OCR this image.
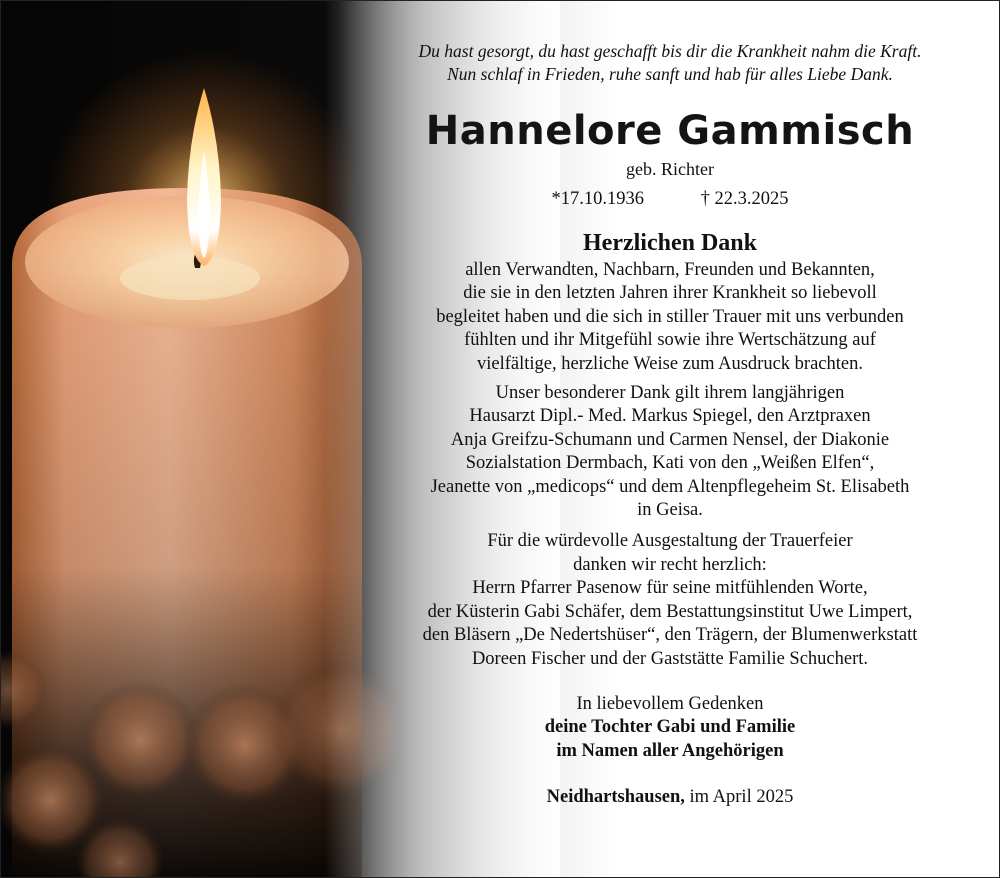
Du hast gesorgt, du hast geschafft bis dir die Krankheit nahm die Kraft.
Nun schlaf in Frieden, ruhe sanft und hab für alles Liebe Dank.
Hannelore Gammisch
geb. Richter
*17.10.1936	† 22.3.2025
Herzlichen Dank
allen Verwandten, Nachbarn, Freunden und Bekannten,
die sie in den letzten Jahren ihrer Krankheit so liebevoll
begleitet haben und die sich in stiller Trauer mit uns verbunden
fühlten und ihr Mitgefühl sowie ihre Wertschätzung auf
vielfältige, herzliche Weise zum Ausdruck brachten.
Unser besonderer Dank gilt ihrem langjährigen
Hausarzt Dipl.- Med. Markus Spiegel, den Arztpraxen
Anja Greifzu-Schumann und Carmen Nensel, der Diakonie
Sozialstation Dermbach, Kati von den „Weißen Elfen“,
Jeanette von „medicops“ und dem Altenpflegeheim St. Elisabeth
in Geisa.
Für die würdevolle Ausgestaltung der Trauerfeier
danken wir recht herzlich:
Herrn Pfarrer Pasenow für seine mitfühlenden Worte,
der Küsterin Gabi Schäfer, dem Bestattungsinstitut Uwe Limpert,
den Bläsern „De Nedertshüser“, den Trägern, der Blumenwerkstatt
Doreen Fischer und der Gaststätte Familie Schuchert.
In liebevollem Gedenken
deine Tochter Gabi und Familie
im Namen aller Angehörigen
Neidhartshausen, im April 2025
